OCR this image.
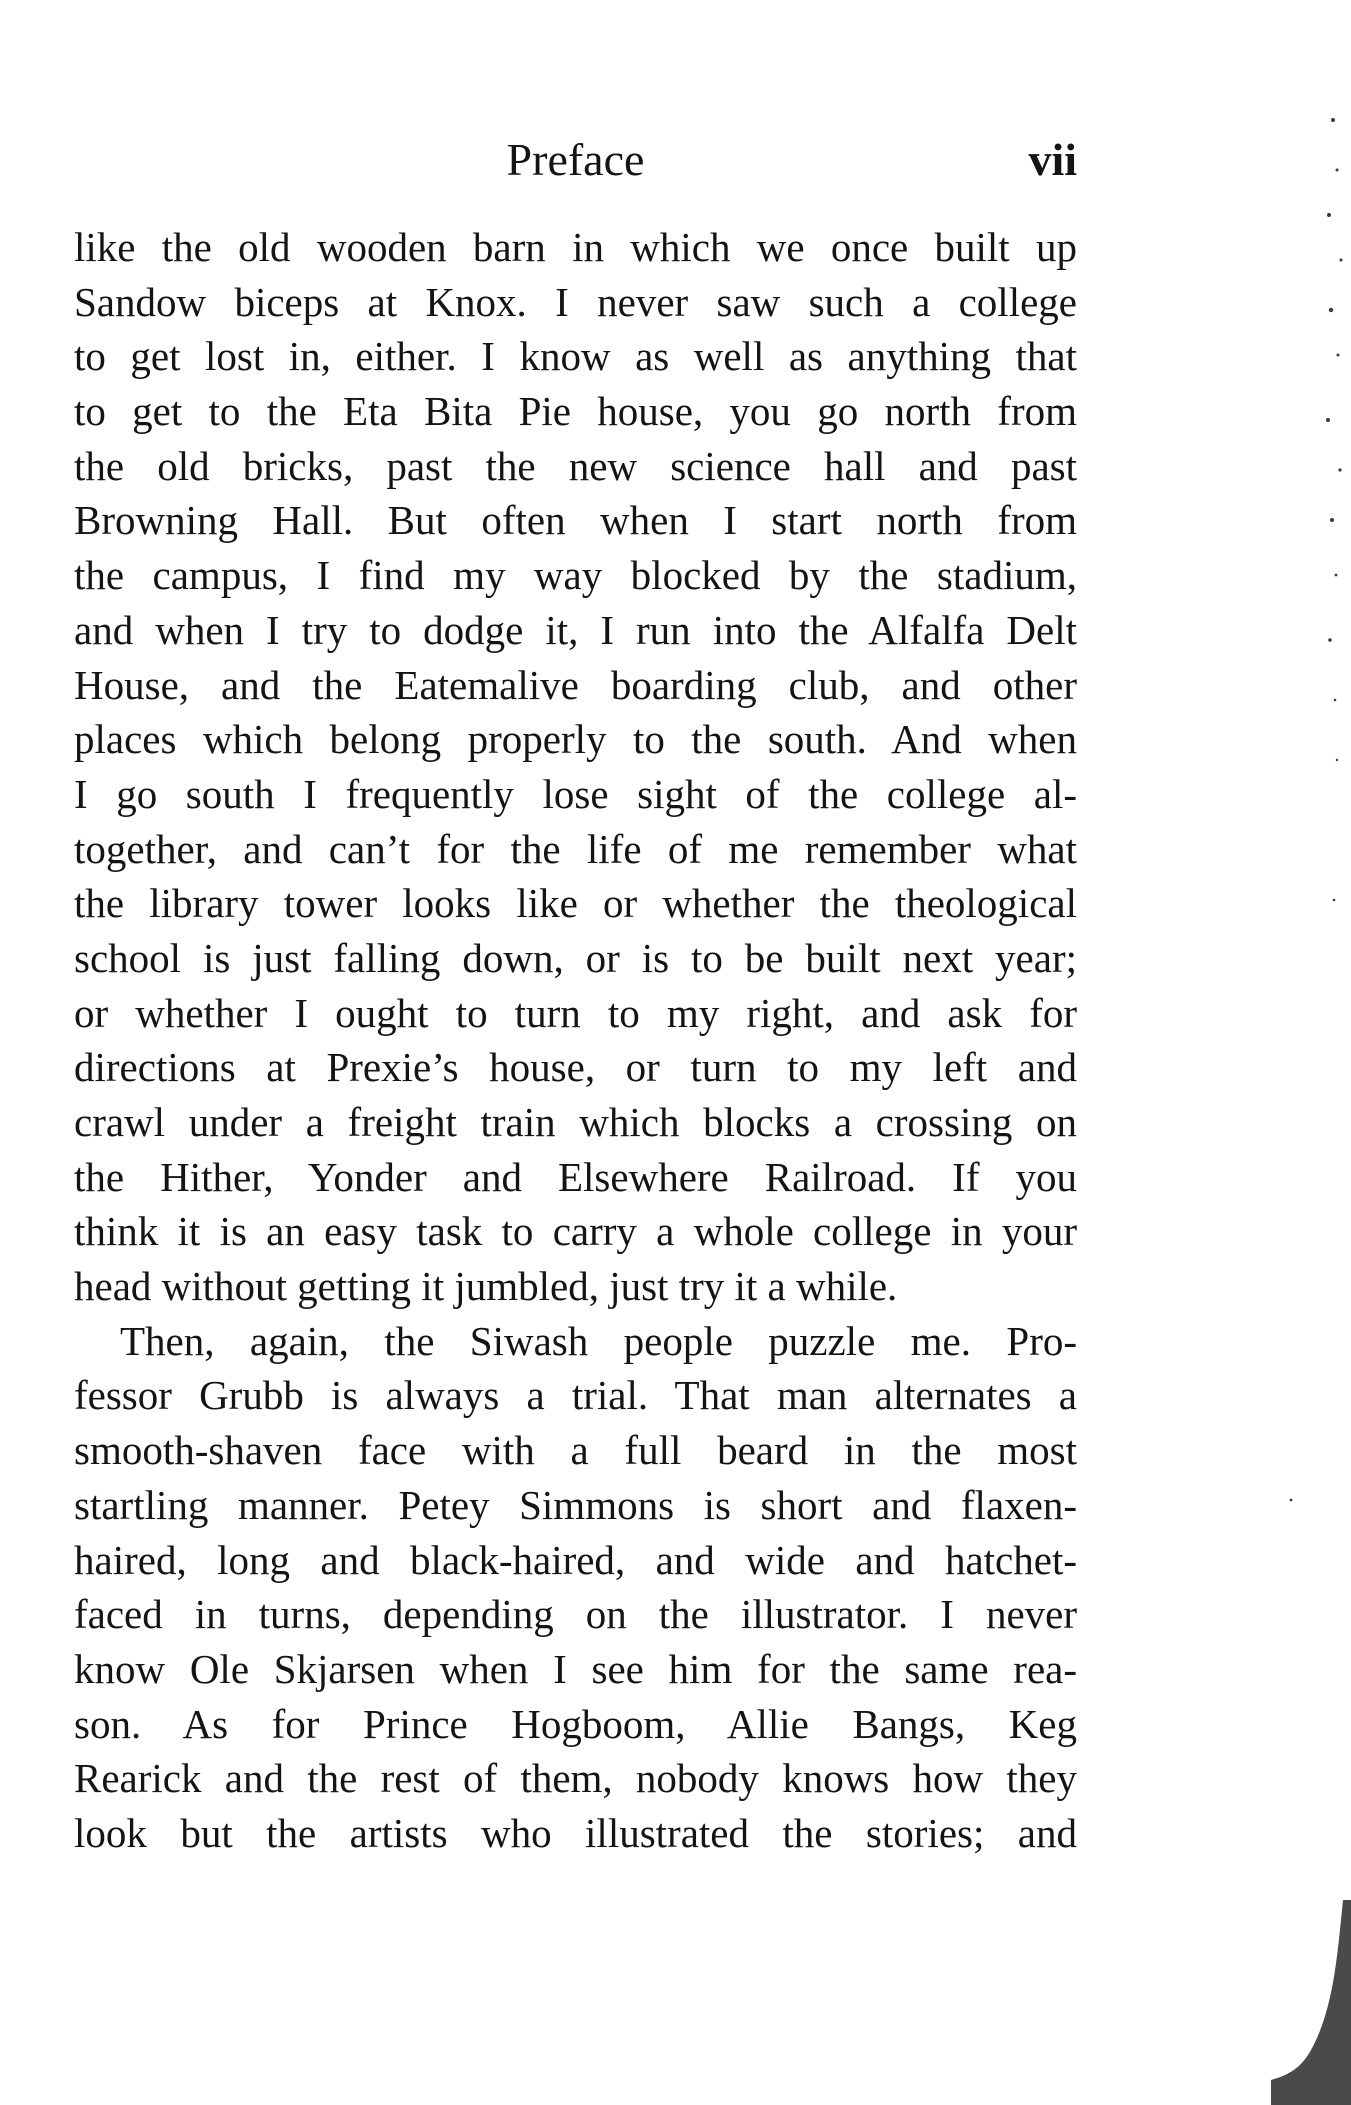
Preface	vii
like the old wooden barn in which we once built up
Sandow biceps at Knox. I never saw such a college
to get lost in, either. I know as well as anything that
to get to the Eta Bita Pie house, you go north from
the old bricks, past the new science hall and past
Browning Hall. But often when I start north from
the campus, I find my way blocked by the stadium,
and when I try to dodge it, I run into the Alfalfa Delt
House, and the Eatemalive boarding club, and other
places which belong properly to the south. And when
I go south I frequently lose sight of the college al-
together, and can’t for the life of me remember what
the library tower looks like or whether the theological
school is just falling down, or is to be built next year;
or whether I ought to turn to my right, and ask for
directions at Prexie’s house, or turn to my left and
crawl under a freight train which blocks a crossing on
the Hither, Yonder and Elsewhere Railroad. If you
think it is an easy task to carry a whole college in your
head without getting it jumbled, just try it a while.
Then, again, the Siwash people puzzle me. Pro-
fessor Grubb is always a trial. That man alternates a
smooth-shaven face with a full beard in the most
startling manner. Petey Simmons is short and flaxen-
haired, long and black-haired, and wide and hatchet-
faced in turns, depending on the illustrator. I never
know Ole Skjarsen when I see him for the same rea-
son. As for Prince Hogboom, Allie Bangs, Keg
Rearick and the rest of them, nobody knows how they
look but the artists who illustrated the stories; and
